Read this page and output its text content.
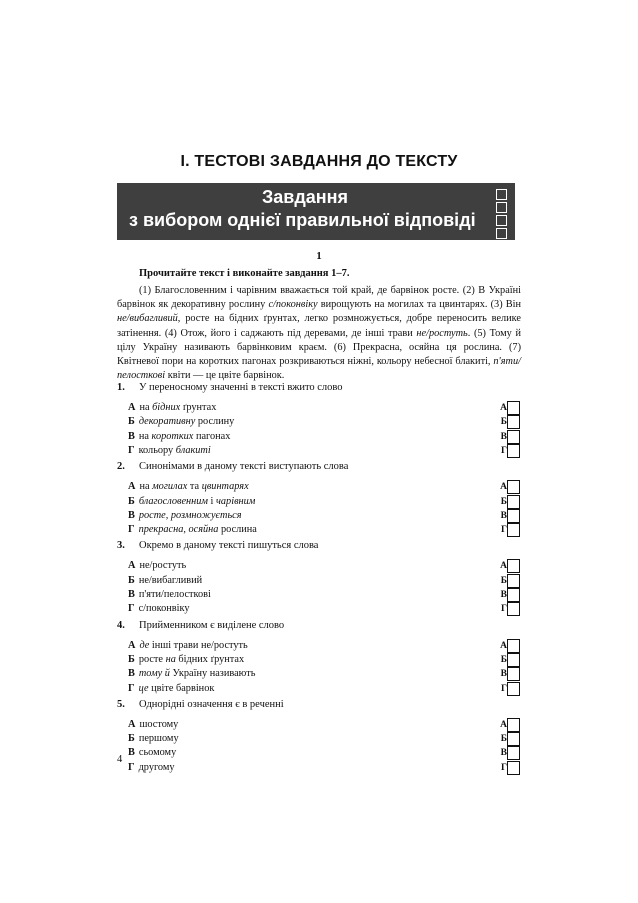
І. ТЕСТОВІ ЗАВДАННЯ ДО ТЕКСТУ
Завдання
з вибором однієї правильної відповіді
1
Прочитайте текст і виконайте завдання 1–7.
(1) Благословенним і чарівним вважається той край, де барвінок росте. (2) В Україні барвінок як декоративну рослину с/поконвіку вирощують на могилах та цвинтарях. (3) Він не/вибагливий, росте на бідних ґрунтах, легко розмножується, добре переносить велике затінення. (4) Отож, його і саджають під деревами, де інші трави не/ростуть. (5) Тому й цілу Україну називають барвінковим краєм. (6) Прекрасна, осяйна ця рослина. (7) Квітневої пори на коротких пагонах розкриваються ніжні, кольору небесної блакиті, п'яти/пелосткові квіти — це цвіте барвінок.
1. У переносному значенні в тексті вжито слово
А на бідних ґрунтах	А
Б декоративну рослину	Б
В на коротких пагонах	В
Г кольору блакиті	Г
2. Синонімами в даному тексті виступають слова
А на могилах та цвинтарях	А
Б благословенним і чарівним	Б
В росте, розмножується	В
Г прекрасна, осяйна рослина	Г
3. Окремо в даному тексті пишуться слова
А не/ростуть	А
Б не/вибагливий	Б
В п'яти/пелосткові	В
Г с/поконвіку	Г
4. Прийменником є виділене слово
А де інші трави не/ростуть	А
Б росте на бідних ґрунтах	Б
В тому й Україну називають	В
Г це цвіте барвінок	Г
5. Однорідні означення є в реченні
А шостому	А
Б першому	Б
В сьомому	В
Г другому	Г
4
